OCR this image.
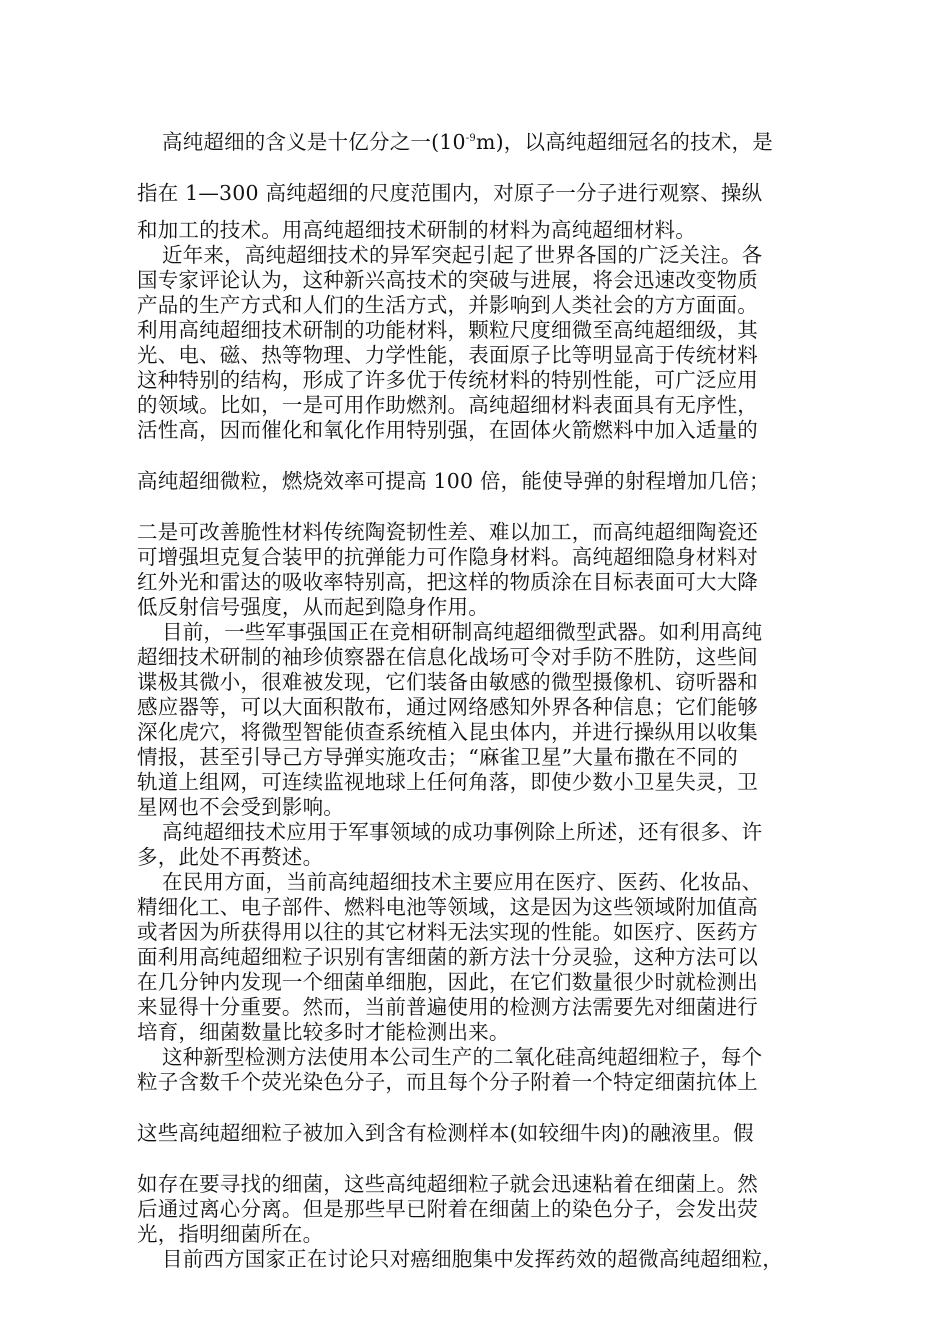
高纯超细的含义是十亿分之一$(10^{-9}m)$，以高纯超细冠名的技术，是
指在 1—300 高纯超细的尺度范围内，对原子一分子进行观察、操纵
和加工的技术。用高纯超细技术研制的材料为高纯超细材料。
近年来，高纯超细技术的异军突起引起了世界各国的广泛关注。各
国专家评论认为，这种新兴高技术的突破与进展，将会迅速改变物质
产品的生产方式和人们的生活方式，并影响到人类社会的方方面面。
利用高纯超细技术研制的功能材料，颗粒尺度细微至高纯超细级，其
光、电、磁、热等物理、力学性能，表面原子比等明显高于传统材料
这种特别的结构，形成了许多优于传统材料的特别性能，可广泛应用
的领域。比如，一是可用作助燃剂。高纯超细材料表面具有无序性，
活性高，因而催化和氧化作用特别强，在固体火箭燃料中加入适量的
高纯超细微粒，燃烧效率可提高 100 倍，能使导弹的射程增加几倍；
二是可改善脆性材料传统陶瓷韧性差、难以加工，而高纯超细陶瓷还
可增强坦克复合装甲的抗弹能力可作隐身材料。高纯超细隐身材料对
红外光和雷达的吸收率特别高，把这样的物质涂在目标表面可大大降
低反射信号强度，从而起到隐身作用。
目前，一些军事强国正在竞相研制高纯超细微型武器。如利用高纯
超细技术研制的袖珍侦察器在信息化战场可令对手防不胜防，这些间
谍极其微小，很难被发现，它们装备由敏感的微型摄像机、窃听器和
感应器等，可以大面积散布，通过网络感知外界各种信息；它们能够
深化虎穴，将微型智能侦查系统植入昆虫体内，并进行操纵用以收集
情报，甚至引导己方导弹实施攻击；“麻雀卫星”大量布撒在不同的
轨道上组网，可连续监视地球上任何角落，即使少数小卫星失灵，卫
星网也不会受到影响。
高纯超细技术应用于军事领域的成功事例除上所述，还有很多、许
多，此处不再赘述。
在民用方面，当前高纯超细技术主要应用在医疗、医药、化妆品、
精细化工、电子部件、燃料电池等领域，这是因为这些领域附加值高
或者因为所获得用以往的其它材料无法实现的性能。如医疗、医药方
面利用高纯超细粒子识别有害细菌的新方法十分灵验，这种方法可以
在几分钟内发现一个细菌单细胞，因此，在它们数量很少时就检测出
来显得十分重要。然而，当前普遍使用的检测方法需要先对细菌进行
培育，细菌数量比较多时才能检测出来。
这种新型检测方法使用本公司生产的二氧化硅高纯超细粒子，每个
粒子含数千个荧光染色分子，而且每个分子附着一个特定细菌抗体上
这些高纯超细粒子被加入到含有检测样本(如较细牛肉)的融液里。假
如存在要寻找的细菌，这些高纯超细粒子就会迅速粘着在细菌上。然
后通过离心分离。但是那些早已附着在细菌上的染色分子，会发出荧
光，指明细菌所在。
目前西方国家正在讨论只对癌细胞集中发挥药效的超微高纯超细粒，
